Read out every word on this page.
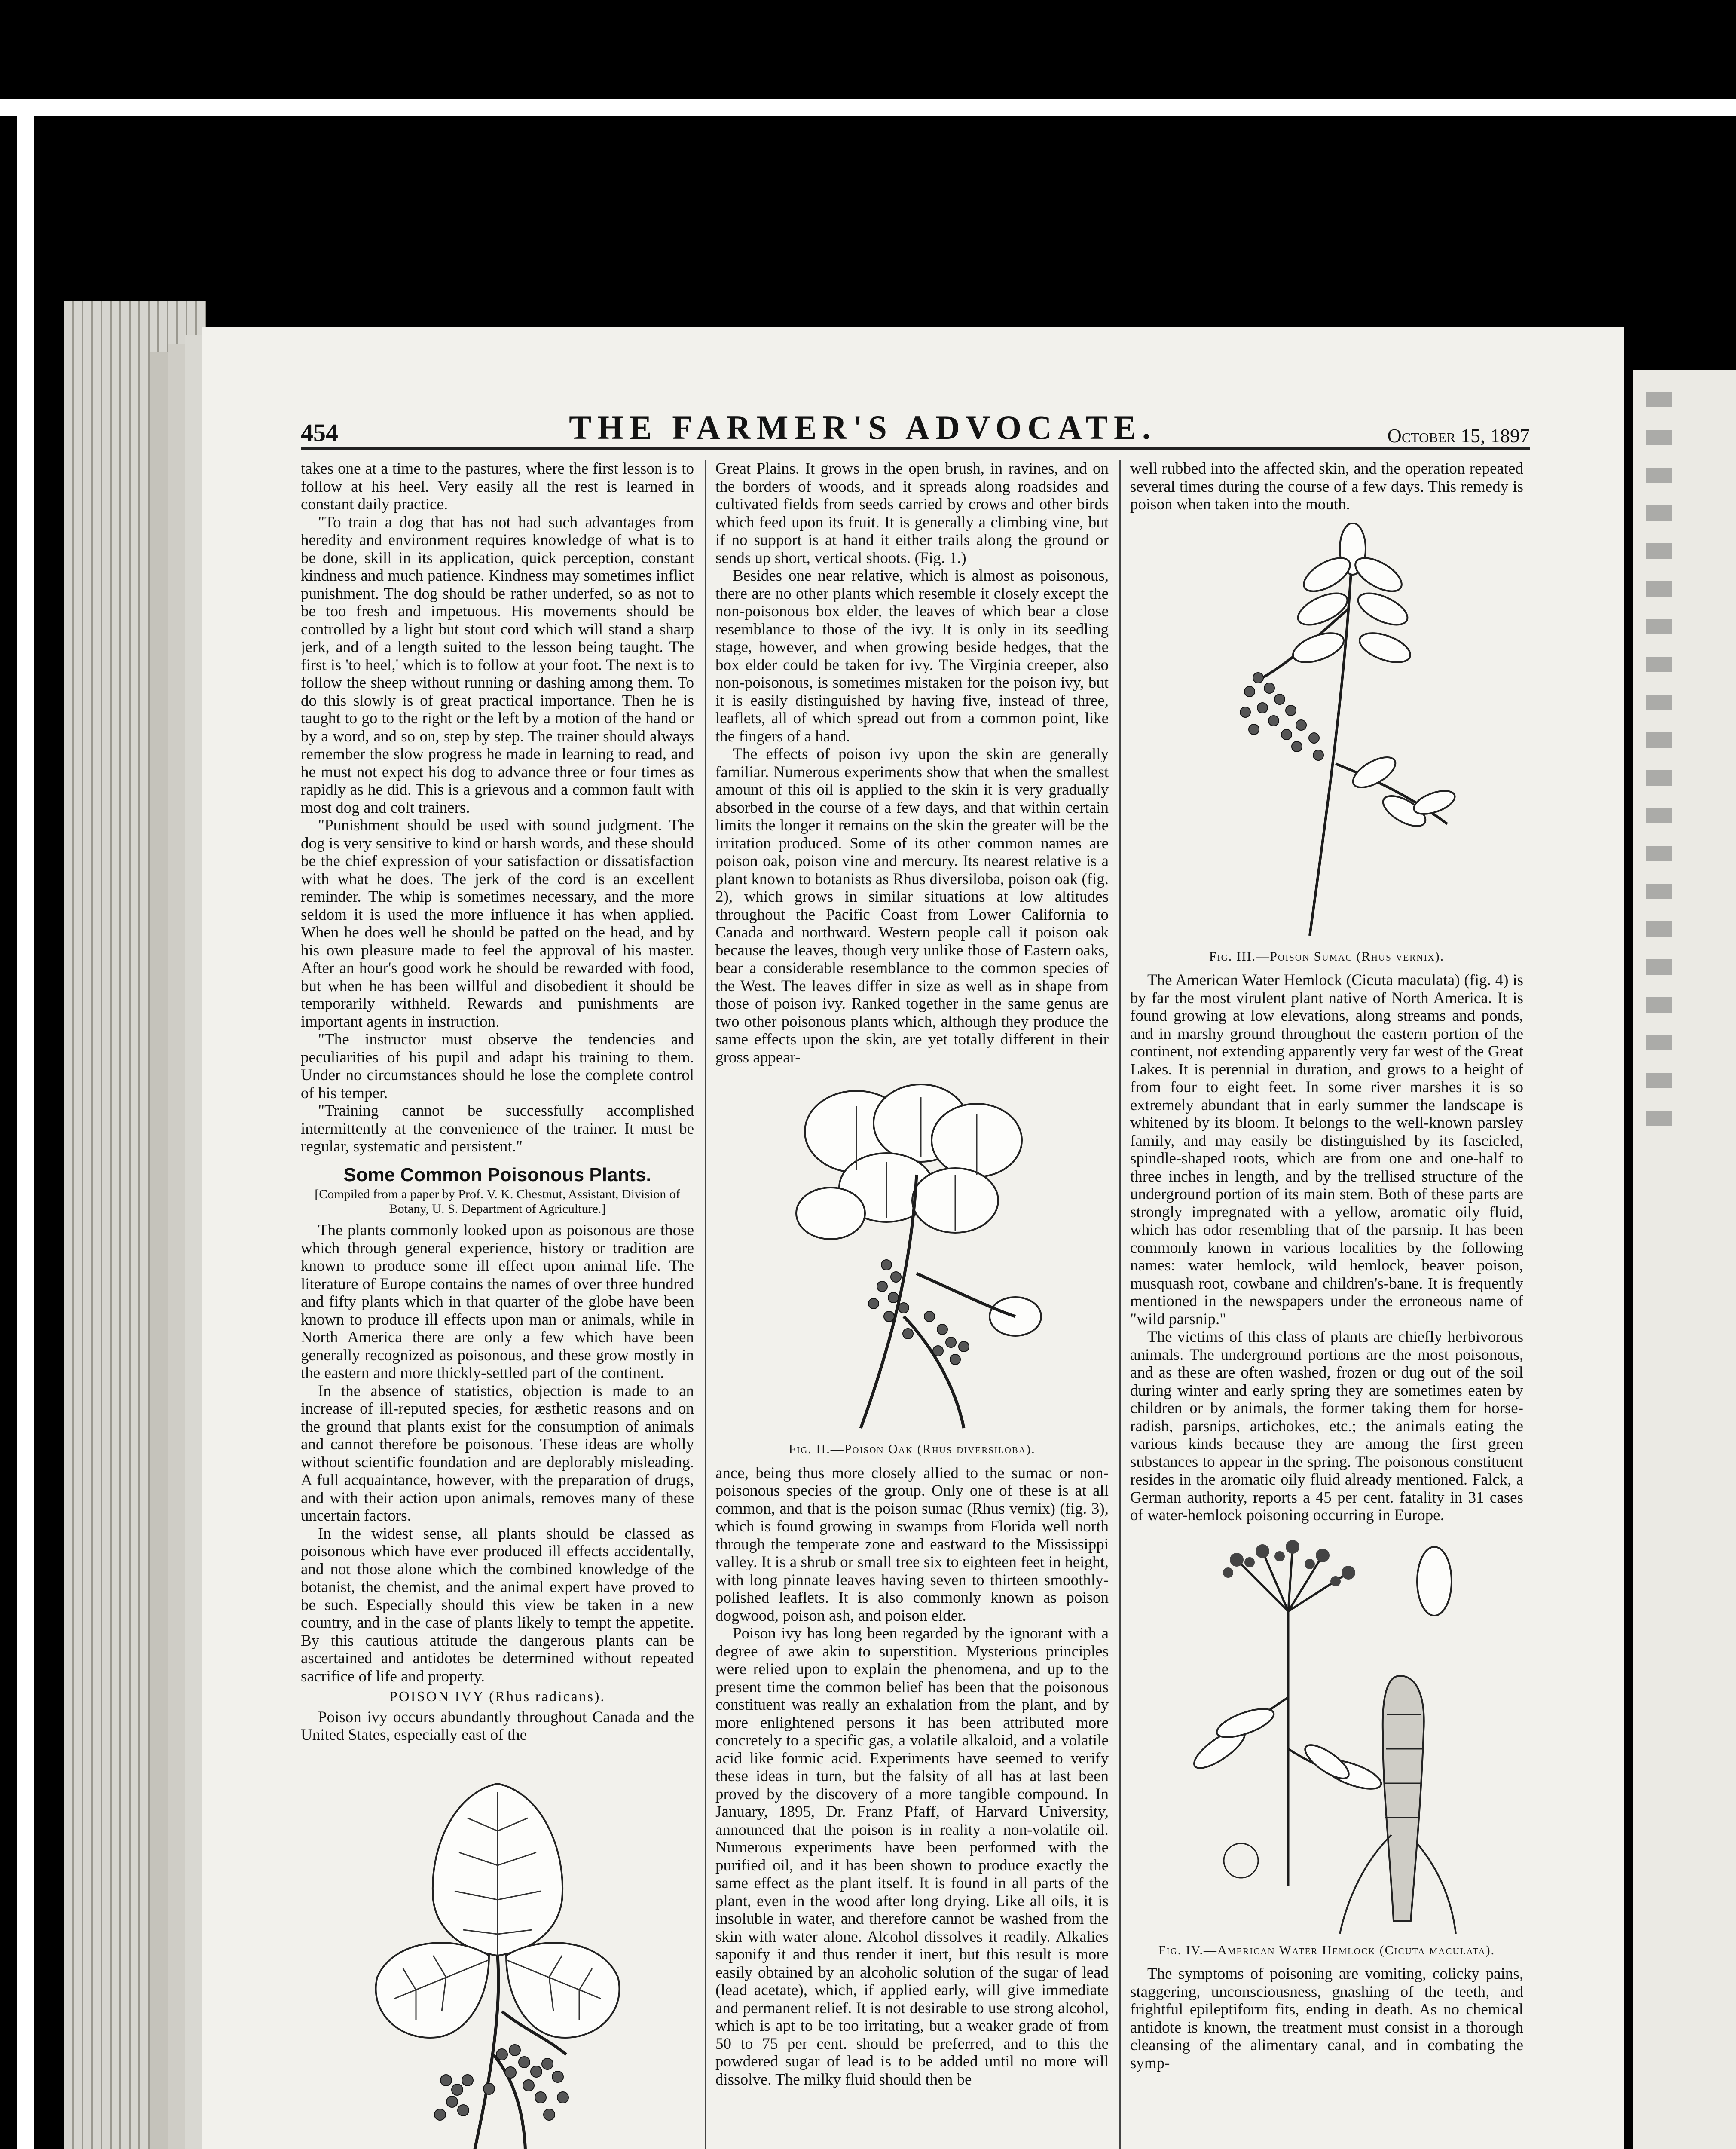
454	THE FARMER'S ADVOCATE.	October 15, 1897

takes one at a time to the pastures, where the first lesson is to follow at his heel. Very easily all the rest is learned in constant daily practice.

"To train a dog that has not had such advantages from heredity and environment requires knowledge of what is to be done, skill in its application, quick perception, constant kindness and much patience. Kindness may sometimes inflict punishment. The dog should be rather underfed, so as not to be too fresh and impetuous. His movements should be controlled by a light but stout cord which will stand a sharp jerk, and of a length suited to the lesson being taught. The first is 'to heel,' which is to follow at your foot. The next is to follow the sheep without running or dashing among them. To do this slowly is of great practical importance. Then he is taught to go to the right or the left by a motion of the hand or by a word, and so on, step by step. The trainer should always remember the slow progress he made in learning to read, and he must not expect his dog to advance three or four times as rapidly as he did. This is a grievous and a common fault with most dog and colt trainers.

"Punishment should be used with sound judgment. The dog is very sensitive to kind or harsh words, and these should be the chief expression of your satisfaction or dissatisfaction with what he does. The jerk of the cord is an excellent reminder. The whip is sometimes necessary, and the more seldom it is used the more influence it has when applied. When he does well he should be patted on the head, and by his own pleasure made to feel the approval of his master. After an hour's good work he should be rewarded with food, but when he has been willful and disobedient it should be temporarily withheld. Rewards and punishments are important agents in instruction.

"The instructor must observe the tendencies and peculiarities of his pupil and adapt his training to them. Under no circumstances should he lose the complete control of his temper.

"Training cannot be successfully accomplished intermittently at the convenience of the trainer. It must be regular, systematic and persistent."

Some Common Poisonous Plants.
[Compiled from a paper by Prof. V. K. Chestnut, Assistant, Division of Botany, U. S. Department of Agriculture.]

The plants commonly looked upon as poisonous are those which through general experience, history or tradition are known to produce some ill effect upon animal life. The literature of Europe contains the names of over three hundred and fifty plants which in that quarter of the globe have been known to produce ill effects upon man or animals, while in North America there are only a few which have been generally recognized as poisonous, and these grow mostly in the eastern and more thickly-settled part of the continent.

In the absence of statistics, objection is made to an increase of ill-reputed species, for æsthetic reasons and on the ground that plants exist for the consumption of animals and cannot therefore be poisonous. These ideas are wholly without scientific foundation and are deplorably misleading. A full acquaintance, however, with the preparation of drugs, and with their action upon animals, removes many of these uncertain factors.

In the widest sense, all plants should be classed as poisonous which have ever produced ill effects accidentally, and not those alone which the combined knowledge of the botanist, the chemist, and the animal expert have proved to be such. Especially should this view be taken in a new country, and in the case of plants likely to tempt the appetite. By this cautious attitude the dangerous plants can be ascertained and antidotes be determined without repeated sacrifice of life and property.

POISON IVY (Rhus radicans).

Poison ivy occurs abundantly throughout Canada and the United States, especially east of the

Great Plains. It grows in the open brush, in ravines, and on the borders of woods, and it spreads along roadsides and cultivated fields from seeds carried by crows and other birds which feed upon its fruit. It is generally a climbing vine, but if no support is at hand it either trails along the ground or sends up short, vertical shoots. (Fig. 1.)

Besides one near relative, which is almost as poisonous, there are no other plants which resemble it closely except the non-poisonous box elder, the leaves of which bear a close resemblance to those of the ivy. It is only in its seedling stage, however, and when growing beside hedges, that the box elder could be taken for ivy. The Virginia creeper, also non-poisonous, is sometimes mistaken for the poison ivy, but it is easily distinguished by having five, instead of three, leaflets, all of which spread out from a common point, like the fingers of a hand.

The effects of poison ivy upon the skin are generally familiar. Numerous experiments show that when the smallest amount of this oil is applied to the skin it is very gradually absorbed in the course of a few days, and that within certain limits the longer it remains on the skin the greater will be the irritation produced. Some of its other common names are poison oak, poison vine and mercury. Its nearest relative is a plant known to botanists as Rhus diversiloba, poison oak (fig. 2), which grows in similar situations at low altitudes throughout the Pacific Coast from Lower California to Canada and northward. Western people call it poison oak because the leaves, though very unlike those of Eastern oaks, bear a considerable resemblance to the common species of the West. The leaves differ in size as well as in shape from those of poison ivy. Ranked together in the same genus are two other poisonous plants which, although they produce the same effects upon the skin, are yet totally different in their gross appear-

Fig. II.—Poison Oak (Rhus diversiloba).

ance, being thus more closely allied to the sumac or non-poisonous species of the group. Only one of these is at all common, and that is the poison sumac (Rhus vernix) (fig. 3), which is found growing in swamps from Florida well north through the temperate zone and eastward to the Mississippi valley. It is a shrub or small tree six to eighteen feet in height, with long pinnate leaves having seven to thirteen smoothly-polished leaflets. It is also commonly known as poison dogwood, poison ash, and poison elder.

Poison ivy has long been regarded by the ignorant with a degree of awe akin to superstition. Mysterious principles were relied upon to explain the phenomena, and up to the present time the common belief has been that the poisonous constituent was really an exhalation from the plant, and by more enlightened persons it has been attributed more concretely to a specific gas, a volatile alkaloid, and a volatile acid like formic acid. Experiments have seemed to verify these ideas in turn, but the falsity of all has at last been proved by the discovery of a more tangible compound. In January, 1895, Dr. Franz Pfaff, of Harvard University, announced that the poison is in reality a non-volatile oil. Numerous experiments have been performed with the purified oil, and it has been shown to produce exactly the same effect as the plant itself. It is found in all parts of the plant, even in the wood after long drying. Like all oils, it is insoluble in water, and therefore cannot be washed from the skin with water alone. Alcohol dissolves it readily. Alkalies saponify it and thus render it inert, but this result is more easily obtained by an alcoholic solution of the sugar of lead (lead acetate), which, if applied early, will give immediate and permanent relief. It is not desirable to use strong alcohol, which is apt to be too irritating, but a weaker grade of from 50 to 75 per cent. should be preferred, and to this the powdered sugar of lead is to be added until no more will dissolve. The milky fluid should then be

well rubbed into the affected skin, and the operation repeated several times during the course of a few days. This remedy is poison when taken into the mouth.

Fig. III.—Poison Sumac (Rhus vernix).

The American Water Hemlock (Cicuta maculata) (fig. 4) is by far the most virulent plant native of North America. It is found growing at low elevations, along streams and ponds, and in marshy ground throughout the eastern portion of the continent, not extending apparently very far west of the Great Lakes. It is perennial in duration, and grows to a height of from four to eight feet. In some river marshes it is so extremely abundant that in early summer the landscape is whitened by its bloom. It belongs to the well-known parsley family, and may easily be distinguished by its fascicled, spindle-shaped roots, which are from one and one-half to three inches in length, and by the trellised structure of the underground portion of its main stem. Both of these parts are strongly impregnated with a yellow, aromatic oily fluid, which has odor resembling that of the parsnip. It has been commonly known in various localities by the following names: water hemlock, wild hemlock, beaver poison, musquash root, cowbane and children's-bane. It is frequently mentioned in the newspapers under the erroneous name of "wild parsnip."

The victims of this class of plants are chiefly herbivorous animals. The underground portions are the most poisonous, and as these are often washed, frozen or dug out of the soil during winter and early spring they are sometimes eaten by children or by animals, the former taking them for horse-radish, parsnips, artichokes, etc.; the animals eating the various kinds because they are among the first green substances to appear in the spring. The poisonous constituent resides in the aromatic oily fluid already mentioned. Falck, a German authority, reports a 45 per cent. fatality in 31 cases of water-hemlock poisoning occurring in Europe.

Fig. IV.—American Water Hemlock (Cicuta maculata).

The symptoms of poisoning are vomiting, colicky pains, staggering, unconsciousness, gnashing of the teeth, and frightful epileptiform fits, ending in death. As no chemical antidote is known, the treatment must consist in a thorough cleansing of the alimentary canal, and in combating the symp-
